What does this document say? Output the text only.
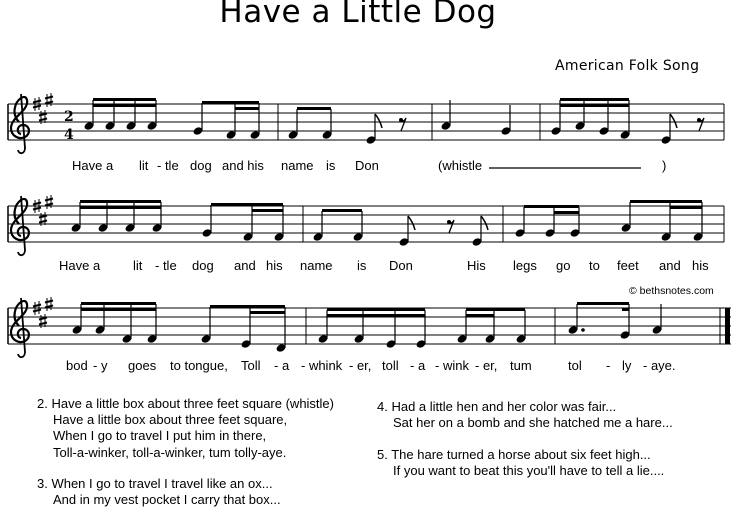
Have a Little Dog
American Folk Song
© bethsnotes.com
2
4
Have a lit - tle dog and his name is Don	(whistle	)
Have a	lit - tle dog and his name is Don	His legs go to feet and his
bod - y goes to tongue, Toll - a - whink - er, toll - a - wink - er, tum	tol - ly - aye.
2. Have a little box about three feet square (whistle)
Have a little box about three feet square,
When I go to travel I put him in there,
Toll-a-winker, toll-a-winker, tum tolly-aye.
3. When I go to travel I travel like an ox...
And in my vest pocket I carry that box...
4. Had a little hen and her color was fair...
Sat her on a bomb and she hatched me a hare...
5. The hare turned a horse about six feet high...
If you want to beat this you'll have to tell a lie....
